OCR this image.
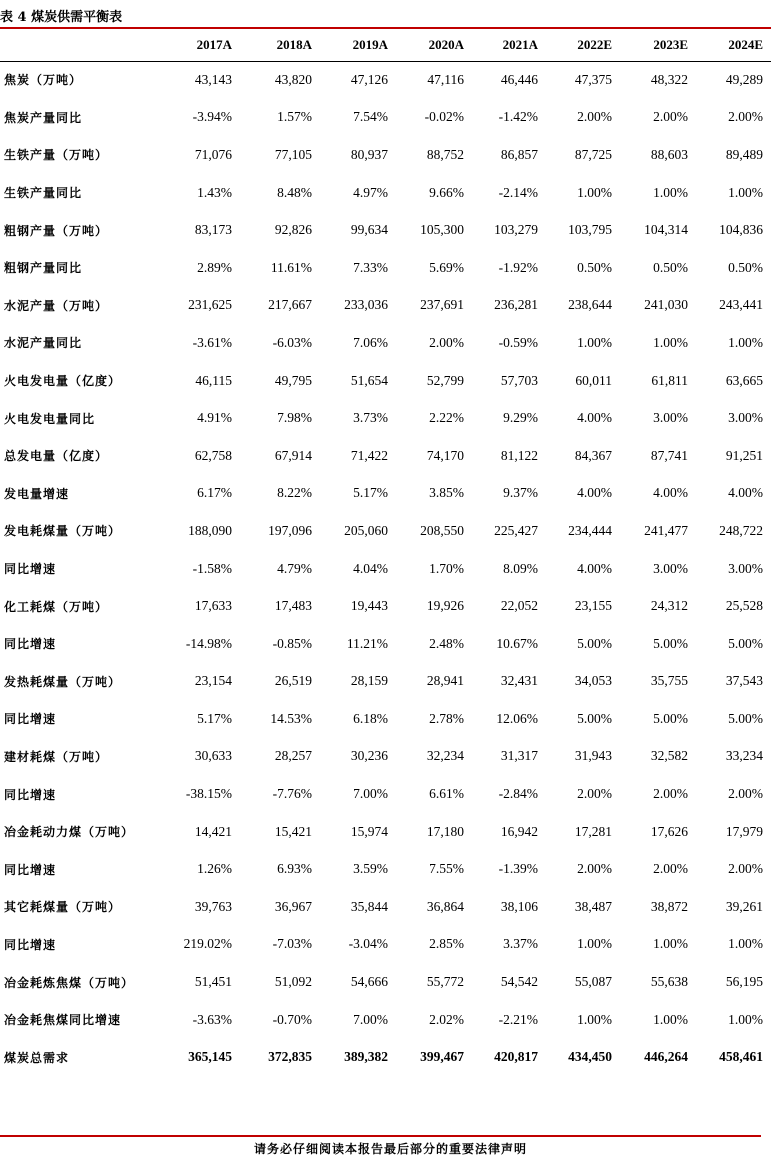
表 4 煤炭供需平衡表
	2017A	2018A	2019A	2020A	2021A	2022E	2023E	2024E
焦炭（万吨）	43,143	43,820	47,126	47,116	46,446	47,375	48,322	49,289
焦炭产量同比	-3.94%	1.57%	7.54%	-0.02%	-1.42%	2.00%	2.00%	2.00%
生铁产量（万吨）	71,076	77,105	80,937	88,752	86,857	87,725	88,603	89,489
生铁产量同比	1.43%	8.48%	4.97%	9.66%	-2.14%	1.00%	1.00%	1.00%
粗钢产量（万吨）	83,173	92,826	99,634	105,300	103,279	103,795	104,314	104,836
粗钢产量同比	2.89%	11.61%	7.33%	5.69%	-1.92%	0.50%	0.50%	0.50%
水泥产量（万吨）	231,625	217,667	233,036	237,691	236,281	238,644	241,030	243,441
水泥产量同比	-3.61%	-6.03%	7.06%	2.00%	-0.59%	1.00%	1.00%	1.00%
火电发电量（亿度）	46,115	49,795	51,654	52,799	57,703	60,011	61,811	63,665
火电发电量同比	4.91%	7.98%	3.73%	2.22%	9.29%	4.00%	3.00%	3.00%
总发电量（亿度）	62,758	67,914	71,422	74,170	81,122	84,367	87,741	91,251
发电量增速	6.17%	8.22%	5.17%	3.85%	9.37%	4.00%	4.00%	4.00%
发电耗煤量（万吨）	188,090	197,096	205,060	208,550	225,427	234,444	241,477	248,722
同比增速	-1.58%	4.79%	4.04%	1.70%	8.09%	4.00%	3.00%	3.00%
化工耗煤（万吨）	17,633	17,483	19,443	19,926	22,052	23,155	24,312	25,528
同比增速	-14.98%	-0.85%	11.21%	2.48%	10.67%	5.00%	5.00%	5.00%
发热耗煤量（万吨）	23,154	26,519	28,159	28,941	32,431	34,053	35,755	37,543
同比增速	5.17%	14.53%	6.18%	2.78%	12.06%	5.00%	5.00%	5.00%
建材耗煤（万吨）	30,633	28,257	30,236	32,234	31,317	31,943	32,582	33,234
同比增速	-38.15%	-7.76%	7.00%	6.61%	-2.84%	2.00%	2.00%	2.00%
冶金耗动力煤（万吨）	14,421	15,421	15,974	17,180	16,942	17,281	17,626	17,979
同比增速	1.26%	6.93%	3.59%	7.55%	-1.39%	2.00%	2.00%	2.00%
其它耗煤量（万吨）	39,763	36,967	35,844	36,864	38,106	38,487	38,872	39,261
同比增速	219.02%	-7.03%	-3.04%	2.85%	3.37%	1.00%	1.00%	1.00%
冶金耗炼焦煤（万吨）	51,451	51,092	54,666	55,772	54,542	55,087	55,638	56,195
冶金耗焦煤同比增速	-3.63%	-0.70%	7.00%	2.02%	-2.21%	1.00%	1.00%	1.00%
煤炭总需求	365,145	372,835	389,382	399,467	420,817	434,450	446,264	458,461
请务必仔细阅读本报告最后部分的重要法律声明
